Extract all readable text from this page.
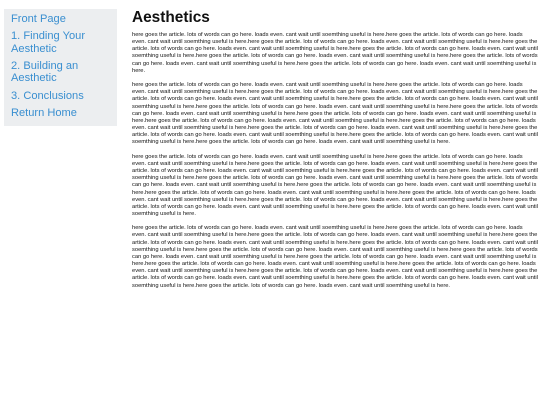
Front Page
1. Finding Your Aesthetic
2. Building an Aesthetic
3. Conclusions
Return Home
Aesthetics

here goes the article. lots of words can go here. loads even. cant wait until soemthing useful is here.here goes the article. lots of words can go here. loads even. cant wait until soemthing useful is here.here goes the article. lots of words can go here. loads even. cant wait until soemthing useful is here.here goes the article. lots of words can go here. loads even. cant wait until soemthing useful is here.here goes the article. lots of words can go here. loads even. cant wait until soemthing useful is here.here goes the article. lots of words can go here. loads even. cant wait until soemthing useful is here.here goes the article. lots of words can go here. loads even. cant wait until soemthing useful is here.here goes the article. lots of words can go here. loads even. cant wait until soemthing useful is here.

here goes the article. lots of words can go here. loads even. cant wait until soemthing useful is here.here goes the article. lots of words can go here. loads even. cant wait until soemthing useful is here.here goes the article. lots of words can go here. loads even. cant wait until soemthing useful is here.here goes the article. lots of words can go here. loads even. cant wait until soemthing useful is here.here goes the article. lots of words can go here. loads even. cant wait until soemthing useful is here.here goes the article. lots of words can go here. loads even. cant wait until soemthing useful is here.here goes the article. lots of words can go here. loads even. cant wait until soemthing useful is here.here goes the article. lots of words can go here. loads even. cant wait until soemthing useful is here.here goes the article. lots of words can go here. loads even. cant wait until soemthing useful is here.here goes the article. lots of words can go here. loads even. cant wait until soemthing useful is here.here goes the article. lots of words can go here. loads even. cant wait until soemthing useful is here.here goes the article. lots of words can go here. loads even. cant wait until soemthing useful is here.here goes the article. lots of words can go here. loads even. cant wait until soemthing useful is here.here goes the article. lots of words can go here. loads even. cant wait until soemthing useful is here.

here goes the article. lots of words can go here. loads even. cant wait until soemthing useful is here.here goes the article. lots of words can go here. loads even. cant wait until soemthing useful is here.here goes the article. lots of words can go here. loads even. cant wait until soemthing useful is here.here goes the article. lots of words can go here. loads even. cant wait until soemthing useful is here.here goes the article. lots of words can go here. loads even. cant wait until soemthing useful is here.here goes the article. lots of words can go here. loads even. cant wait until soemthing useful is here.here goes the article. lots of words can go here. loads even. cant wait until soemthing useful is here.here goes the article. lots of words can go here. loads even. cant wait until soemthing useful is here.here goes the article. lots of words can go here. loads even. cant wait until soemthing useful is here.here goes the article. lots of words can go here. loads even. cant wait until soemthing useful is here.here goes the article. lots of words can go here. loads even. cant wait until soemthing useful is here.here goes the article. lots of words can go here. loads even. cant wait until soemthing useful is here.here goes the article. lots of words can go here. loads even. cant wait until soemthing useful is here.

here goes the article. lots of words can go here. loads even. cant wait until soemthing useful is here.here goes the article. lots of words can go here. loads even. cant wait until soemthing useful is here.here goes the article. lots of words can go here. loads even. cant wait until soemthing useful is here.here goes the article. lots of words can go here. loads even. cant wait until soemthing useful is here.here goes the article. lots of words can go here. loads even. cant wait until soemthing useful is here.here goes the article. lots of words can go here. loads even. cant wait until soemthing useful is here.here goes the article. lots of words can go here. loads even. cant wait until soemthing useful is here.here goes the article. lots of words can go here. loads even. cant wait until soemthing useful is here.here goes the article. lots of words can go here. loads even. cant wait until soemthing useful is here.here goes the article. lots of words can go here. loads even. cant wait until soemthing useful is here.here goes the article. lots of words can go here. loads even. cant wait until soemthing useful is here.here goes the article. lots of words can go here. loads even. cant wait until soemthing useful is here.here goes the article. lots of words can go here. loads even. cant wait until soemthing useful is here.here goes the article. lots of words can go here. loads even. cant wait until soemthing useful is here.
